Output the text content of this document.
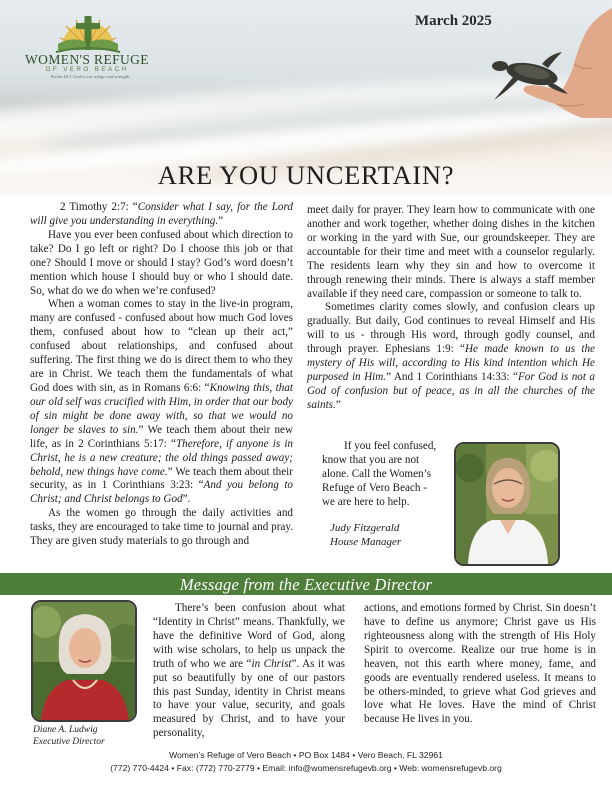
WOMEN'S REFUGE
OF VERO BEACH
Psalm 46:1 God is our refuge and strength
March 2025
ARE YOU UNCERTAIN?

2 Timothy 2:7: “Consider what I say, for the Lord will give you understanding in everything.”

Have you ever been confused about which direction to take? Do I go left or right? Do I choose this job or that one? Should I move or should I stay? God’s word doesn’t mention which house I should buy or who I should date. So, what do we do when we’re confused?

When a woman comes to stay in the live-in program, many are confused - confused about how much God loves them, confused about how to “clean up their act,” confused about relationships, and confused about suffering. The first thing we do is direct them to who they are in Christ. We teach them the fundamentals of what God does with sin, as in Romans 6:6: “Knowing this, that our old self was crucified with Him, in order that our body of sin might be done away with, so that we would no longer be slaves to sin.” We teach them about their new life, as in 2 Corinthians 5:17: “Therefore, if anyone is in Christ, he is a new creature; the old things passed away; behold, new things have come.” We teach them about their security, as in 1 Corinthians 3:23: “And you belong to Christ; and Christ belongs to God”.

As the women go through the daily activities and tasks, they are encouraged to take time to journal and pray. They are given study materials to go through and

meet daily for prayer. They learn how to communicate with one another and work together, whether doing dishes in the kitchen or working in the yard with Sue, our groundskeeper. They are accountable for their time and meet with a counselor regularly. The residents learn why they sin and how to overcome it through renewing their minds. There is always a staff member available if they need care, compassion or someone to talk to.

Sometimes clarity comes slowly, and confusion clears up gradually. But daily, God continues to reveal Himself and His will to us - through His word, through godly counsel, and through prayer. Ephesians 1:9: “He made known to us the mystery of His will, according to His kind intention which He purposed in Him.” And 1 Corinthians 14:33: “For God is not a God of confusion but of peace, as in all the churches of the saints.”

If you feel confused, know that you are not alone. Call the Women’s Refuge of Vero Beach - we are here to help.

Judy Fitzgerald
House Manager
Message from the Executive Director
Diane A. Ludwig
Executive Director

There’s been confusion about what “Identity in Christ” means. Thankfully, we have the definitive Word of God, along with wise scholars, to help us unpack the truth of who we are “in Christ”. As it was put so beautifully by one of our pastors this past Sunday, identity in Christ means to have your value, security, and goals measured by Christ, and to have your personality,

actions, and emotions formed by Christ. Sin doesn’t have to define us anymore; Christ gave us His righteousness along with the strength of His Holy Spirit to overcome. Realize our true home is in heaven, not this earth where money, fame, and goods are eventually rendered useless. It means to be others-minded, to grieve what God grieves and love what He loves. Have the mind of Christ because He lives in you.

Women’s Refuge of Vero Beach • PO Box 1484 • Vero Beach, FL 32961
(772) 770-4424 • Fax: (772) 770-2779 • Email: info@womensrefugevb.org • Web: womensrefugevb.org
